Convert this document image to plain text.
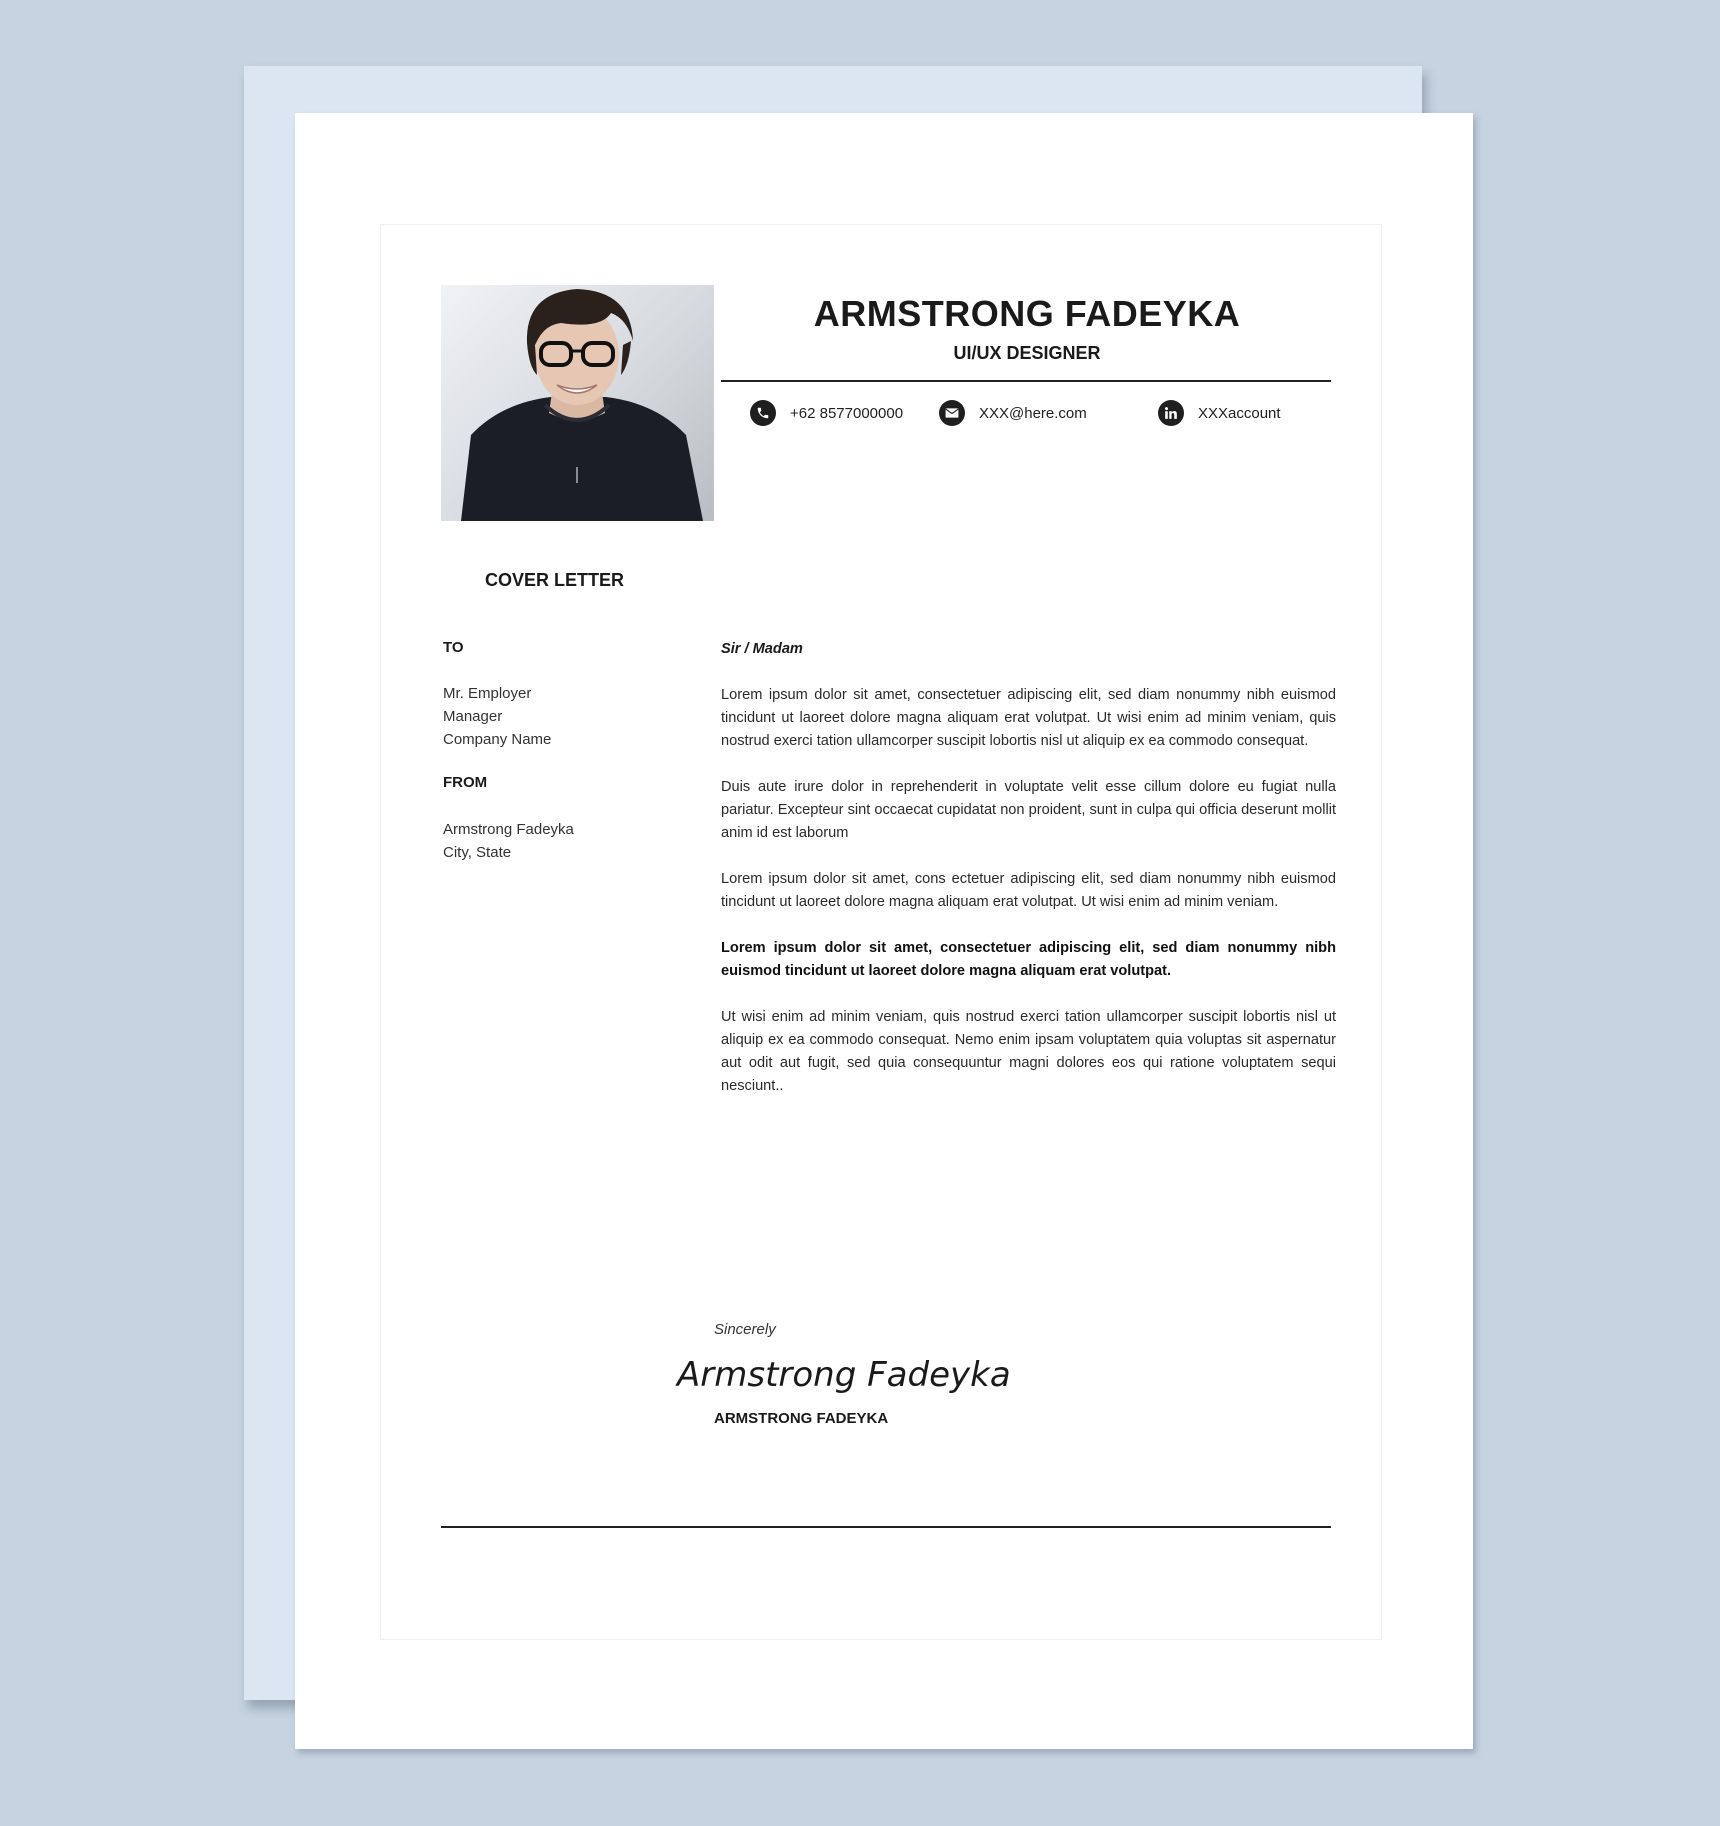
ARMSTRONG FADEYKA
UI/UX DESIGNER
+62 8577000000	XXX@here.com	XXXaccount
COVER LETTER
TO
Mr. Employer
Manager
Company Name
FROM
Armstrong Fadeyka
City, State
Sir / Madam

Lorem ipsum dolor sit amet, consectetuer adipiscing elit, sed diam nonummy nibh euismod tincidunt ut laoreet dolore magna aliquam erat volutpat. Ut wisi enim ad minim veniam, quis nostrud exerci tation ullamcorper suscipit lobortis nisl ut aliquip ex ea commodo consequat.

Duis aute irure dolor in reprehenderit in voluptate velit esse cillum dolore eu fugiat nulla pariatur. Excepteur sint occaecat cupidatat non proident, sunt in culpa qui officia deserunt mollit anim id est laborum

Lorem ipsum dolor sit amet, cons ectetuer adipiscing elit, sed diam nonummy nibh euismod tincidunt ut laoreet dolore magna aliquam erat volutpat. Ut wisi enim ad minim veniam.

Lorem ipsum dolor sit amet, consectetuer adipiscing elit, sed diam nonummy nibh euismod tincidunt ut laoreet dolore magna aliquam erat volutpat.

Ut wisi enim ad minim veniam, quis nostrud exerci tation ullamcorper suscipit lobortis nisl ut aliquip ex ea commodo consequat. Nemo enim ipsam voluptatem quia voluptas sit aspernatur aut odit aut fugit, sed quia consequuntur magni dolores eos qui ratione voluptatem sequi nesciunt..

Sincerely
Armstrong Fadeyka
ARMSTRONG FADEYKA
